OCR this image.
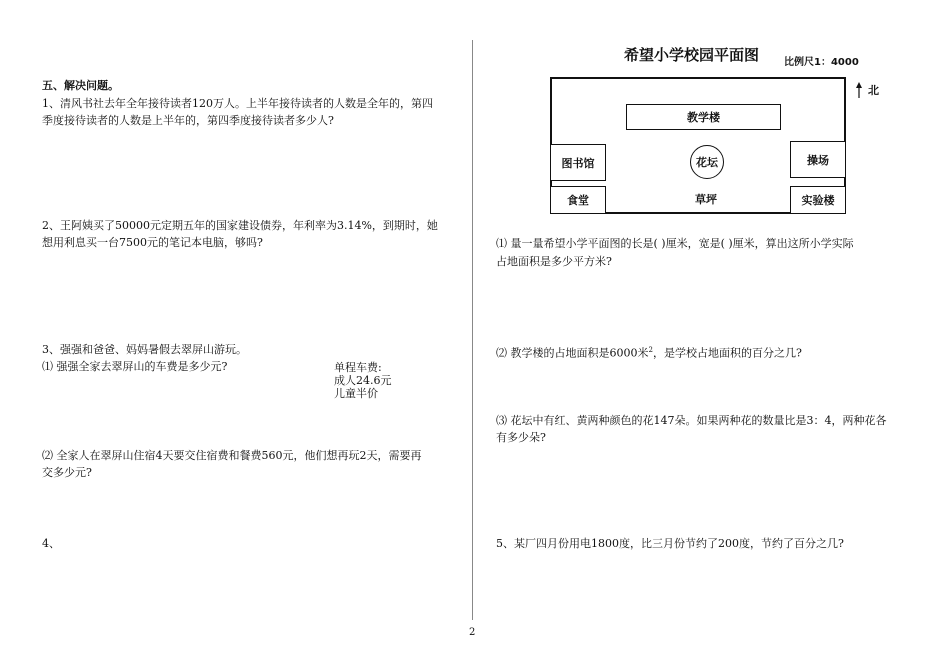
五、解决问题。
1、清风书社去年全年接待读者120万人。上半年接待读者的人数是全年的，第四
季度接待读者的人数是上半年的，第四季度接待读者多少人?
2、王阿姨买了50000元定期五年的国家建设债券，年利率为3.14%，到期时，她
想用利息买一台7500元的笔记本电脑，够吗?
3、强强和爸爸、妈妈暑假去翠屏山游玩。
⑴ 强强全家去翠屏山的车费是多少元?	单程车费:
成人24.6元
儿童半价
⑵ 全家人在翠屏山住宿4天要交住宿费和餐费560元，他们想再玩2天，需要再
交多少元?
4、
希望小学校园平面图 比例尺1：4000
北
教学楼
图书馆	花坛	操场
食堂	草坪	实验楼
⑴ 量一量希望小学平面图的长是( )厘米，宽是( )厘米，算出这所小学实际
占地面积是多少平方米?
⑵ 教学楼的占地面积是6000米$^2$，是学校占地面积的百分之几?
⑶ 花坛中有红、黄两种颜色的花147朵。如果两种花的数量比是3：4，两种花各
有多少朵?
5、某厂四月份用电1800度，比三月份节约了200度，节约了百分之几?
2
